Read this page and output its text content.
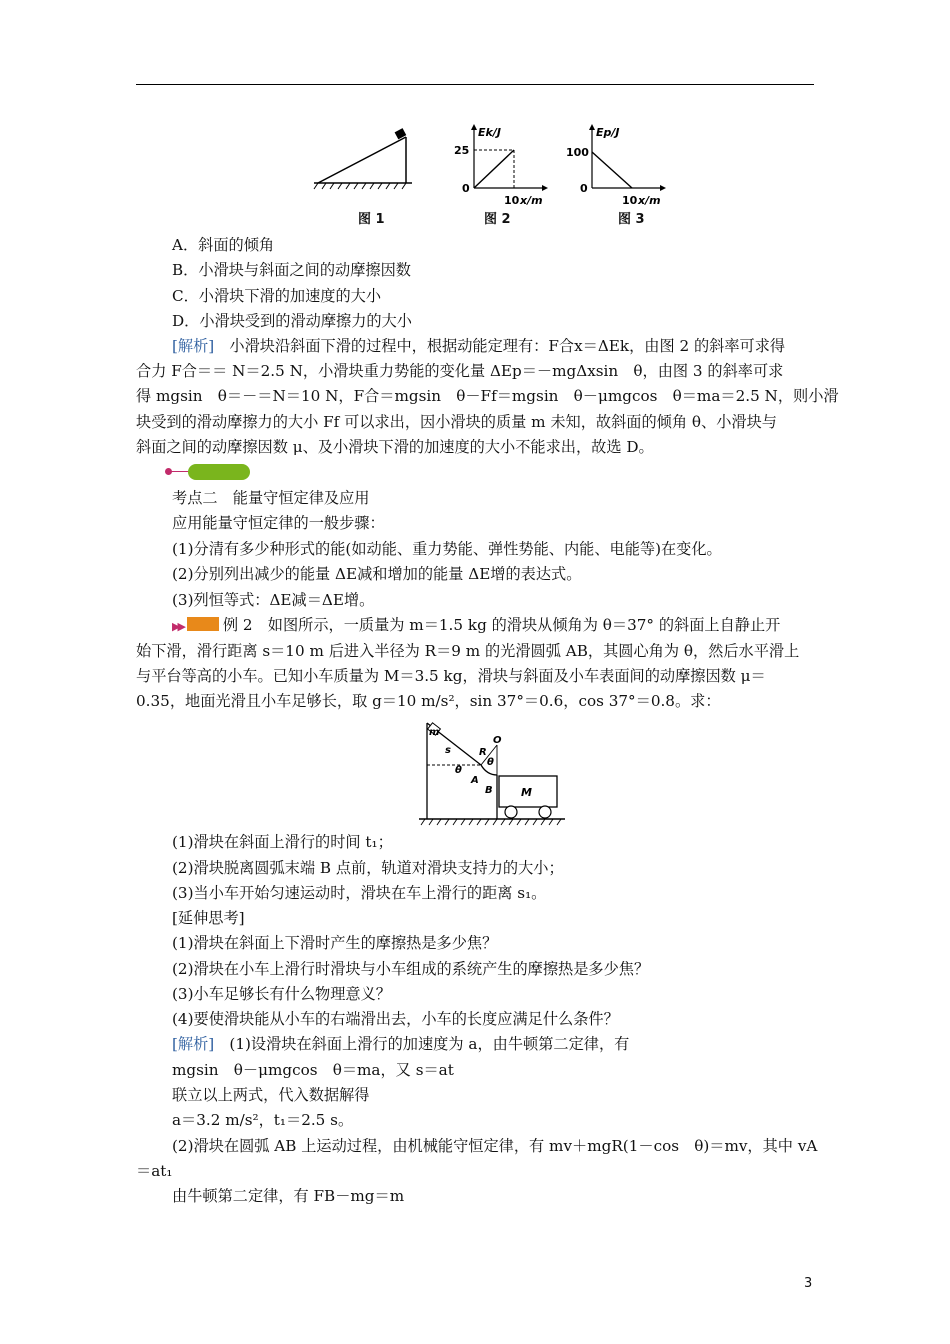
图 1
Ek/J
25
0
10 x/m
图 2
Ep/J
100
0
10 x/m
图 3
A．斜面的倾角
B．小滑块与斜面之间的动摩擦因数
C．小滑块下滑的加速度的大小
D．小滑块受到的滑动摩擦力的大小
[解析]　小滑块沿斜面下滑的过程中，根据动能定理有：F合x＝ΔEk，由图 2 的斜率可求得
合力 F合＝＝ N＝2.5 N，小滑块重力势能的变化量 ΔEp＝－mgΔxsin　θ，由图 3 的斜率可求
得 mgsin　θ＝－＝N＝10 N，F合＝mgsin　θ－Ff＝mgsin　θ－μmgcos　θ＝ma＝2.5 N，则小滑
块受到的滑动摩擦力的大小 Ff 可以求出，因小滑块的质量 m 未知，故斜面的倾角 θ、小滑块与
斜面之间的动摩擦因数 μ、及小滑块下滑的加速度的大小不能求出，故选 D。
考点二　能量守恒定律及应用
应用能量守恒定律的一般步骤：
(1)分清有多少种形式的能(如动能、重力势能、弹性势能、内能、电能等)在变化。
(2)分别列出减少的能量 ΔE减和增加的能量 ΔE增的表达式。
(3)列恒等式：ΔE减＝ΔE增。
▶▶	例 2　如图所示，一质量为 m＝1.5 kg 的滑块从倾角为 θ＝37° 的斜面上自静止开
始下滑，滑行距离 s＝10 m 后进入半径为 R＝9 m 的光滑圆弧 AB，其圆心角为 θ，然后水平滑上
与平台等高的小车。已知小车质量为 M＝3.5 kg，滑块与斜面及小车表面间的动摩擦因数 μ＝
0.35，地面光滑且小车足够长，取 g＝10 m/s²，sin 37°＝0.6，cos 37°＝0.8。求：
m
s	R
O
θ
θ
A
B	M
(1)滑块在斜面上滑行的时间 t₁；
(2)滑块脱离圆弧末端 B 点前，轨道对滑块支持力的大小；
(3)当小车开始匀速运动时，滑块在车上滑行的距离 s₁。
[延伸思考]
(1)滑块在斜面上下滑时产生的摩擦热是多少焦？
(2)滑块在小车上滑行时滑块与小车组成的系统产生的摩擦热是多少焦？
(3)小车足够长有什么物理意义？
(4)要使滑块能从小车的右端滑出去，小车的长度应满足什么条件？
[解析]　(1)设滑块在斜面上滑行的加速度为 a，由牛顿第二定律，有
mgsin　θ－μmgcos　θ＝ma，又 s＝at
联立以上两式，代入数据解得
a＝3.2 m/s²，t₁＝2.5 s。
(2)滑块在圆弧 AB 上运动过程，由机械能守恒定律，有 mv＋mgR(1－cos　θ)＝mv，其中 vA
＝at₁
由牛顿第二定律，有 FB－mg＝m
3
